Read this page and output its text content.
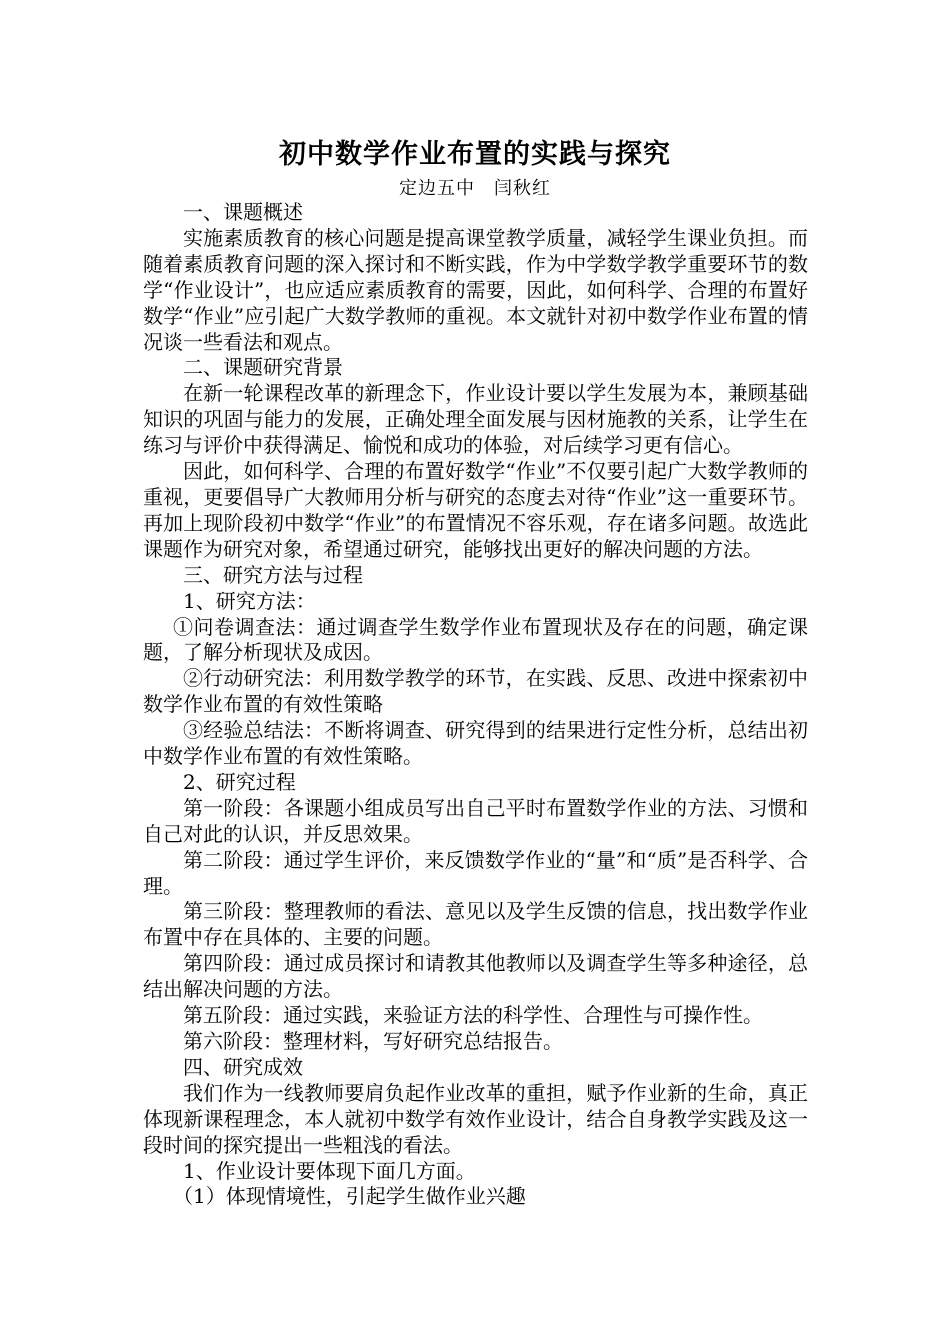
初中数学作业布置的实践与探究
定边五中　闫秋红

一、课题概述

实施素质教育的核心问题是提高课堂教学质量，减轻学生课业负担。而随着素质教育问题的深入探讨和不断实践，作为中学数学教学重要环节的数学“作业设计”，也应适应素质教育的需要，因此，如何科学、合理的布置好数学“作业”应引起广大数学教师的重视。本文就针对初中数学作业布置的情况谈一些看法和观点。

二、课题研究背景

在新一轮课程改革的新理念下，作业设计要以学生发展为本，兼顾基础知识的巩固与能力的发展，正确处理全面发展与因材施教的关系，让学生在练习与评价中获得满足、愉悦和成功的体验，对后续学习更有信心。

因此，如何科学、合理的布置好数学“作业”不仅要引起广大数学教师的重视，更要倡导广大教师用分析与研究的态度去对待“作业”这一重要环节。再加上现阶段初中数学“作业”的布置情况不容乐观，存在诸多问题。故选此课题作为研究对象，希望通过研究，能够找出更好的解决问题的方法。

三、研究方法与过程

1、研究方法：

①问卷调查法：通过调查学生数学作业布置现状及存在的问题，确定课题，了解分析现状及成因。

②行动研究法：利用数学教学的环节，在实践、反思、改进中探索初中数学作业布置的有效性策略

③经验总结法：不断将调查、研究得到的结果进行定性分析，总结出初中数学作业布置的有效性策略。

2、研究过程

第一阶段：各课题小组成员写出自己平时布置数学作业的方法、习惯和自己对此的认识，并反思效果。

第二阶段：通过学生评价，来反馈数学作业的“量”和“质”是否科学、合理。

第三阶段：整理教师的看法、意见以及学生反馈的信息，找出数学作业布置中存在具体的、主要的问题。

第四阶段：通过成员探讨和请教其他教师以及调查学生等多种途径，总结出解决问题的方法。

第五阶段：通过实践，来验证方法的科学性、合理性与可操作性。

第六阶段：整理材料，写好研究总结报告。

四、研究成效

我们作为一线教师要肩负起作业改革的重担，赋予作业新的生命，真正体现新课程理念，本人就初中数学有效作业设计，结合自身教学实践及这一段时间的探究提出一些粗浅的看法。

1、作业设计要体现下面几方面。

（1）体现情境性，引起学生做作业兴趣
